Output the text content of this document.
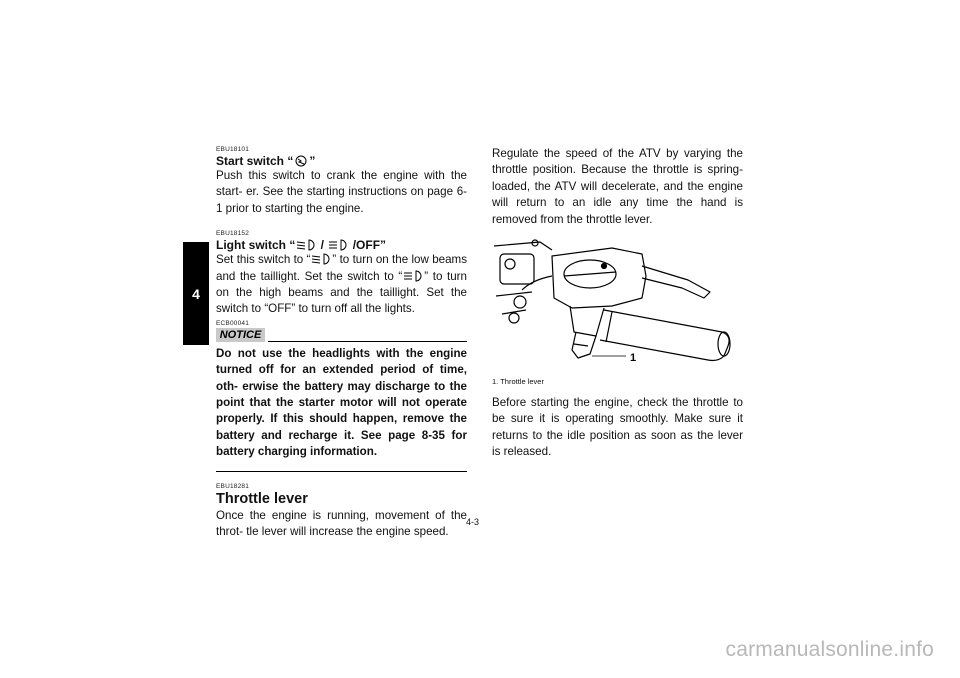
4
EBU18101
Start switch “ ”

Push this switch to crank the engine with the start- er. See the starting instructions on page 6-1 prior to starting the engine.

EBU18152
Light switch “ /  /OFF”

Set this switch to “ ” to turn on the low beams and the taillight. Set the switch to “ ” to turn on the high beams and the taillight. Set the switch to “OFF” to turn off all the lights.

ECB00041
NOTICE

Do not use the headlights with the engine turned off for an extended period of time, oth- erwise the battery may discharge to the point that the starter motor will not operate properly. If this should happen, remove the battery and recharge it. See page 8-35 for battery charging information.

EBU18281
Throttle lever

Once the engine is running, movement of the throt- tle lever will increase the engine speed.

Regulate the speed of the ATV by varying the throttle position. Because the throttle is spring- loaded, the ATV will decelerate, and the engine will return to an idle any time the hand is removed from the throttle lever.

1

1. Throttle lever

Before starting the engine, check the throttle to be sure it is operating smoothly. Make sure it returns to the idle position as soon as the lever is released.

4-3
carmanualsonline.info
